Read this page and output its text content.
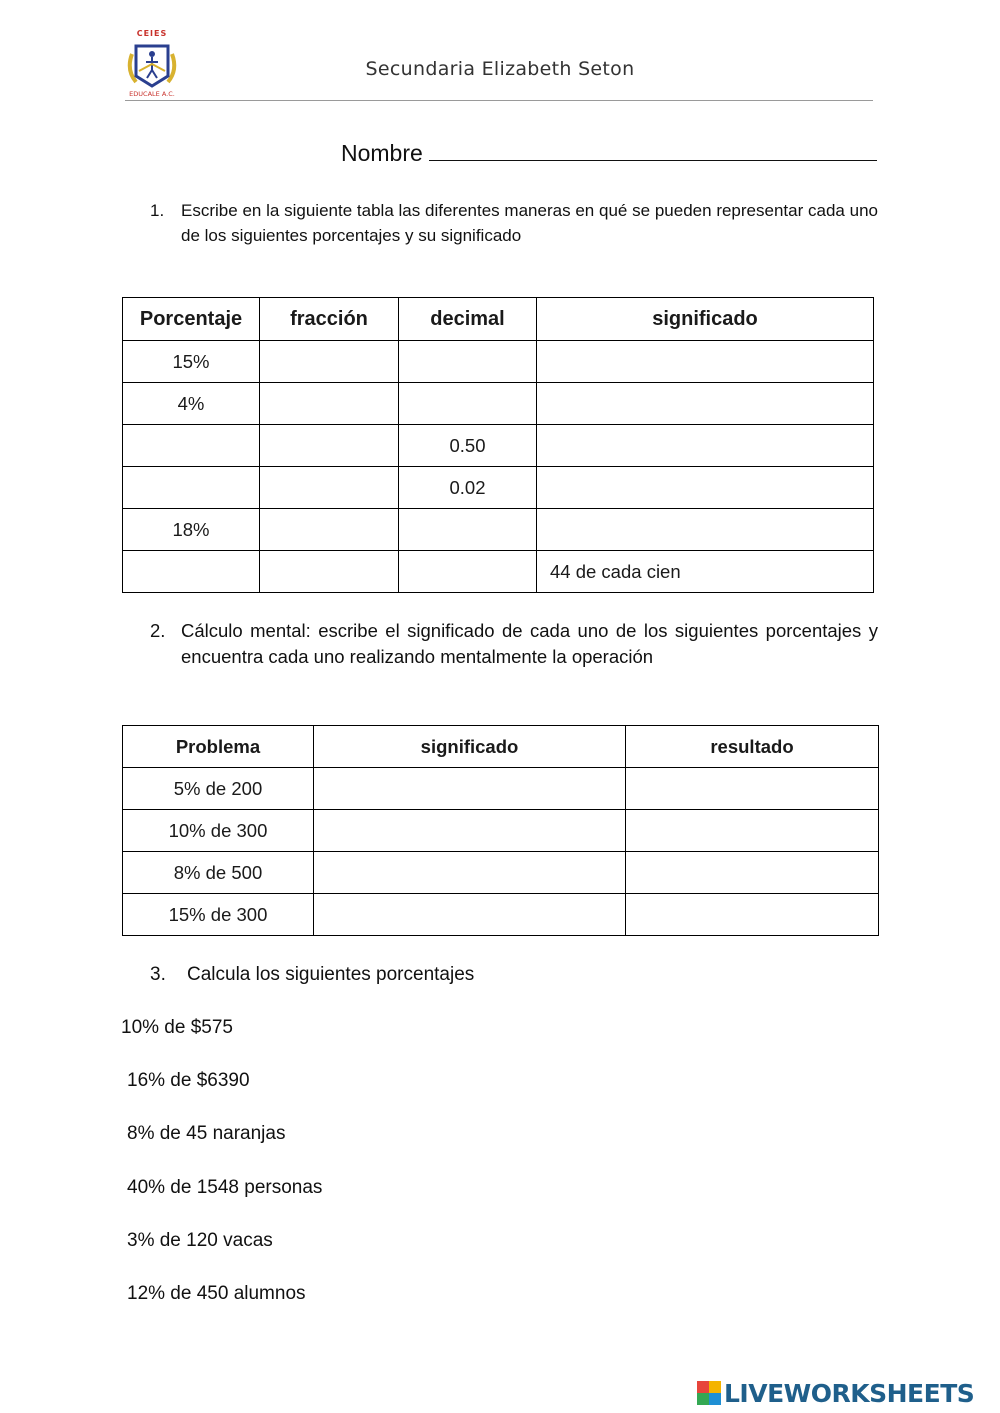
CEIES
EDUCALE A.C.
Secundaria Elizabeth Seton
Nombre
1. Escribe en la siguiente tabla las diferentes maneras en qué se pueden representar cada uno de los siguientes porcentajes y su significado
Porcentaje	fracción	decimal	significado
15%			
4%			
		0.50	
		0.02	
18%			
			44 de cada cien
2. Cálculo mental: escribe el significado de cada uno de los siguientes porcentajes y encuentra cada uno realizando mentalmente la operación
Problema	significado	resultado
5% de 200		
10% de 300		
8% de 500		
15% de 300		
3. Calcula los siguientes porcentajes
10% de $575
16% de $6390
8% de 45 naranjas
40% de 1548 personas
3% de 120 vacas
12% de 450 alumnos
LIVEWORKSHEETS
